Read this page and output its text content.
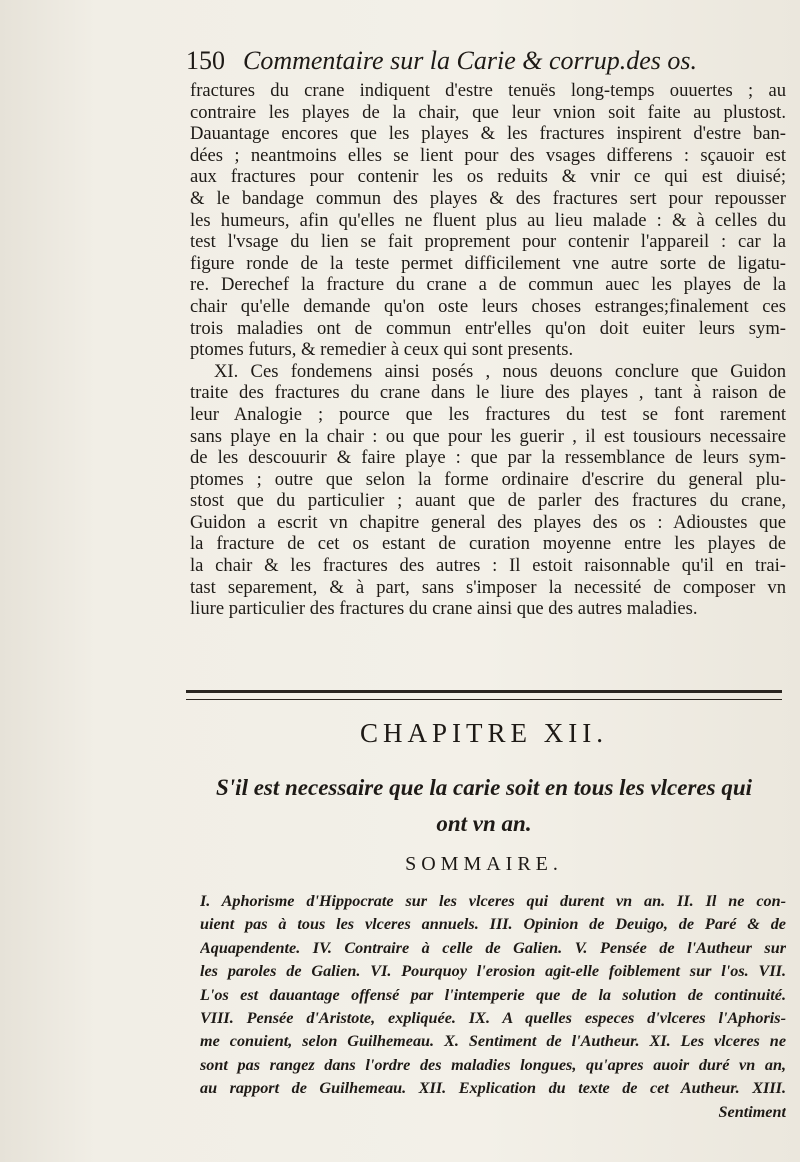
150 Commentaire sur la Carie & corrup.des os.
fractures du crane indiquent d'estre tenuës long-temps ouuertes ; au
contraire les playes de la chair, que leur vnion soit faite au plustost.
Dauantage encores que les playes & les fractures inspirent d'estre ban-
dées ; neantmoins elles se lient pour des vsages differens : sçauoir est
aux fractures pour contenir les os reduits & vnir ce qui est diuisé;
& le bandage commun des playes & des fractures sert pour repousser
les humeurs, afin qu'elles ne fluent plus au lieu malade : & à celles du
test l'vsage du lien se fait proprement pour contenir l'appareil : car la
figure ronde de la teste permet difficilement vne autre sorte de ligatu-
re. Derechef la fracture du crane a de commun auec les playes de la
chair qu'elle demande qu'on oste leurs choses estranges;finalement ces
trois maladies ont de commun entr'elles qu'on doit euiter leurs sym-
ptomes futurs, & remedier à ceux qui sont presents.
XI. Ces fondemens ainsi posés , nous deuons conclure que Guidon
traite des fractures du crane dans le liure des playes , tant à raison de
leur Analogie ; pource que les fractures du test se font rarement
sans playe en la chair : ou que pour les guerir , il est tousiours necessaire
de les descouurir & faire playe : que par la ressemblance de leurs sym-
ptomes ; outre que selon la forme ordinaire d'escrire du general plu-
stost que du particulier ; auant que de parler des fractures du crane,
Guidon a escrit vn chapitre general des playes des os : Adioustes que
la fracture de cet os estant de curation moyenne entre les playes de
la chair & les fractures des autres : Il estoit raisonnable qu'il en trai-
tast separement, & à part, sans s'imposer la necessité de composer vn
liure particulier des fractures du crane ainsi que des autres maladies.
CHAPITRE XII.
S'il est necessaire que la carie soit en tous les vlceres qui
ont vn an.
SOMMAIRE.
I. Aphorisme d'Hippocrate sur les vlceres qui durent vn an. II. Il ne con-
uient pas à tous les vlceres annuels. III. Opinion de Deuigo, de Paré & de
Aquapendente. IV. Contraire à celle de Galien. V. Pensée de l'Autheur sur
les paroles de Galien. VI. Pourquoy l'erosion agit-elle foiblement sur l'os. VII.
L'os est dauantage offensé par l'intemperie que de la solution de continuité.
VIII. Pensée d'Aristote, expliquée. IX. A quelles especes d'vlceres l'Aphoris-
me conuient, selon Guilhemeau. X. Sentiment de l'Autheur. XI. Les vlceres ne
sont pas rangez dans l'ordre des maladies longues, qu'apres auoir duré vn an,
au rapport de Guilhemeau. XII. Explication du texte de cet Autheur. XIII.
Sentiment
